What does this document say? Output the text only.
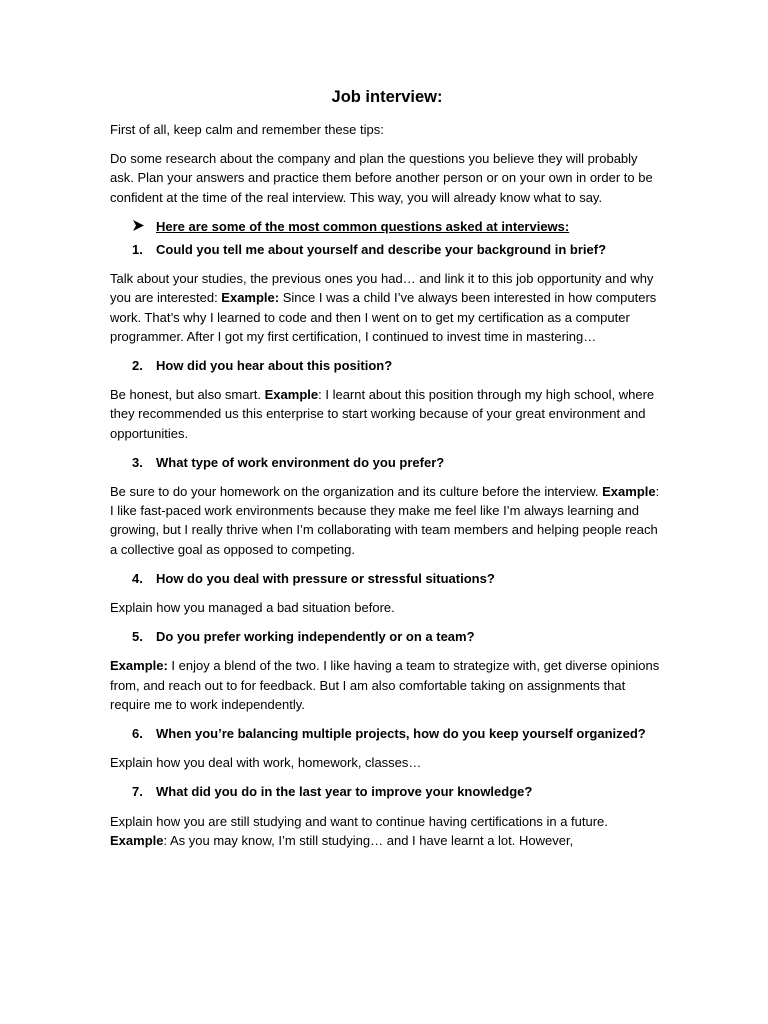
Job interview:

First of all, keep calm and remember these tips:

Do some research about the company and plan the questions you believe they will probably ask. Plan your answers and practice them before another person or on your own in order to be confident at the time of the real interview. This way, you will already know what to say.

Here are some of the most common questions asked at interviews:
1. Could you tell me about yourself and describe your background in brief?

Talk about your studies, the previous ones you had… and link it to this job opportunity and why you are interested: Example: Since I was a child I’ve always been interested in how computers work. That’s why I learned to code and then I went on to get my certification as a computer programmer. After I got my first certification, I continued to invest time in mastering…

2. How did you hear about this position?

Be honest, but also smart. Example: I learnt about this position through my high school, where they recommended us this enterprise to start working because of your great environment and opportunities.

3. What type of work environment do you prefer?

Be sure to do your homework on the organization and its culture before the interview. Example: I like fast-paced work environments because they make me feel like I’m always learning and growing, but I really thrive when I’m collaborating with team members and helping people reach a collective goal as opposed to competing.

4. How do you deal with pressure or stressful situations?

Explain how you managed a bad situation before.

5. Do you prefer working independently or on a team?

Example: I enjoy a blend of the two. I like having a team to strategize with, get diverse opinions from, and reach out to for feedback. But I am also comfortable taking on assignments that require me to work independently.

6. When you’re balancing multiple projects, how do you keep yourself organized?

Explain how you deal with work, homework, classes…

7. What did you do in the last year to improve your knowledge?

Explain how you are still studying and want to continue having certifications in a future. Example: As you may know, I’m still studying… and I have learnt a lot. However,
